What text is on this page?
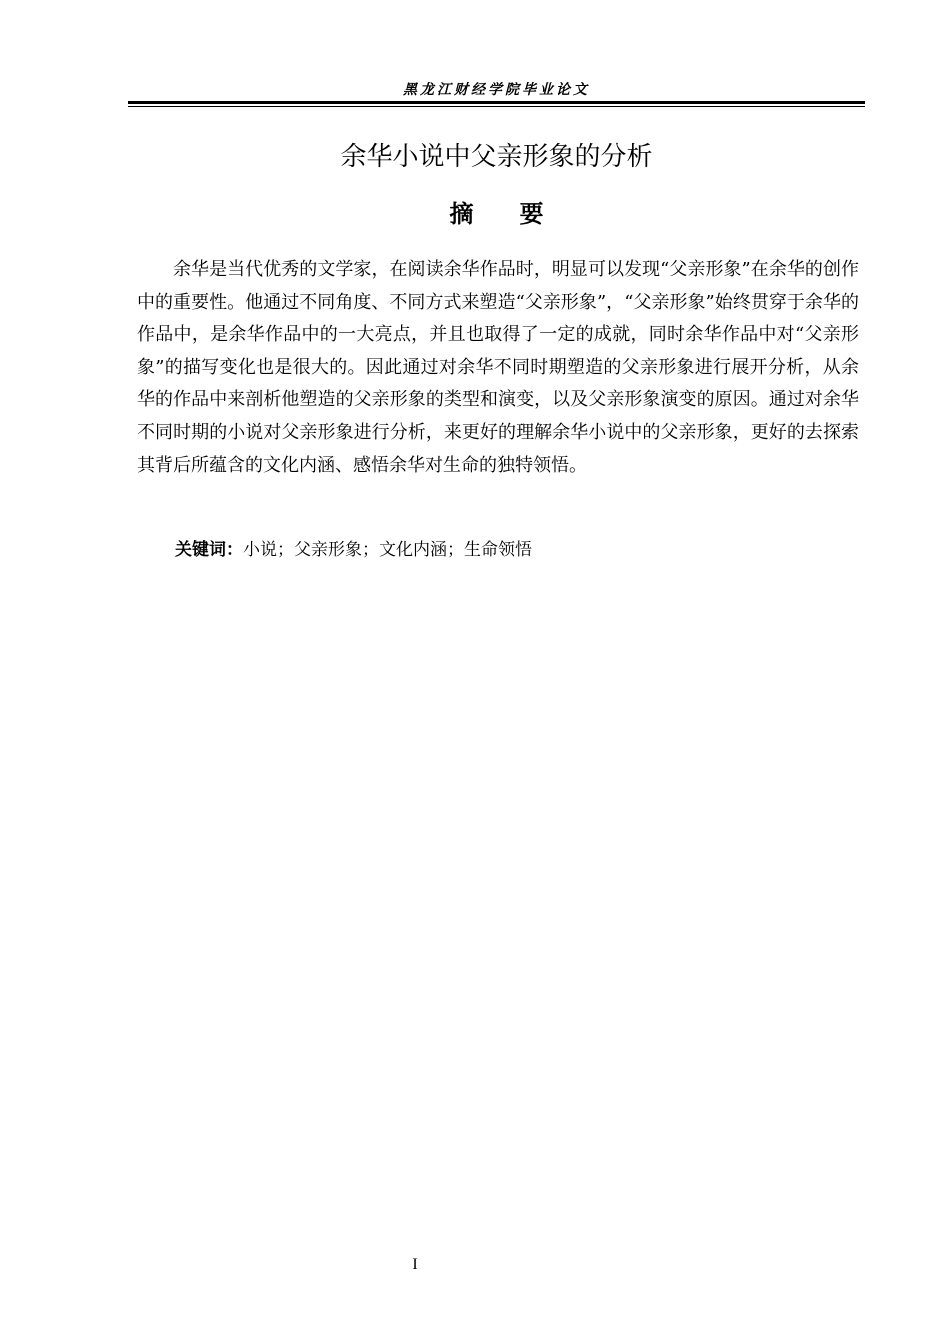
黑龙江财经学院毕业论文
余华小说中父亲形象的分析
摘要

余华是当代优秀的文学家，在阅读余华作品时，明显可以发现“父亲形象”在余华的创作中的重要性。他通过不同角度、不同方式来塑造“父亲形象”，“父亲形象”始终贯穿于余华的作品中，是余华作品中的一大亮点，并且也取得了一定的成就，同时余华作品中对“父亲形象”的描写变化也是很大的。因此通过对余华不同时期塑造的父亲形象进行展开分析，从余华的作品中来剖析他塑造的父亲形象的类型和演变，以及父亲形象演变的原因。通过对余华不同时期的小说对父亲形象进行分析，来更好的理解余华小说中的父亲形象，更好的去探索其背后所蕴含的文化内涵、感悟余华对生命的独特领悟。

关键词：小说；父亲形象；文化内涵；生命领悟
I
